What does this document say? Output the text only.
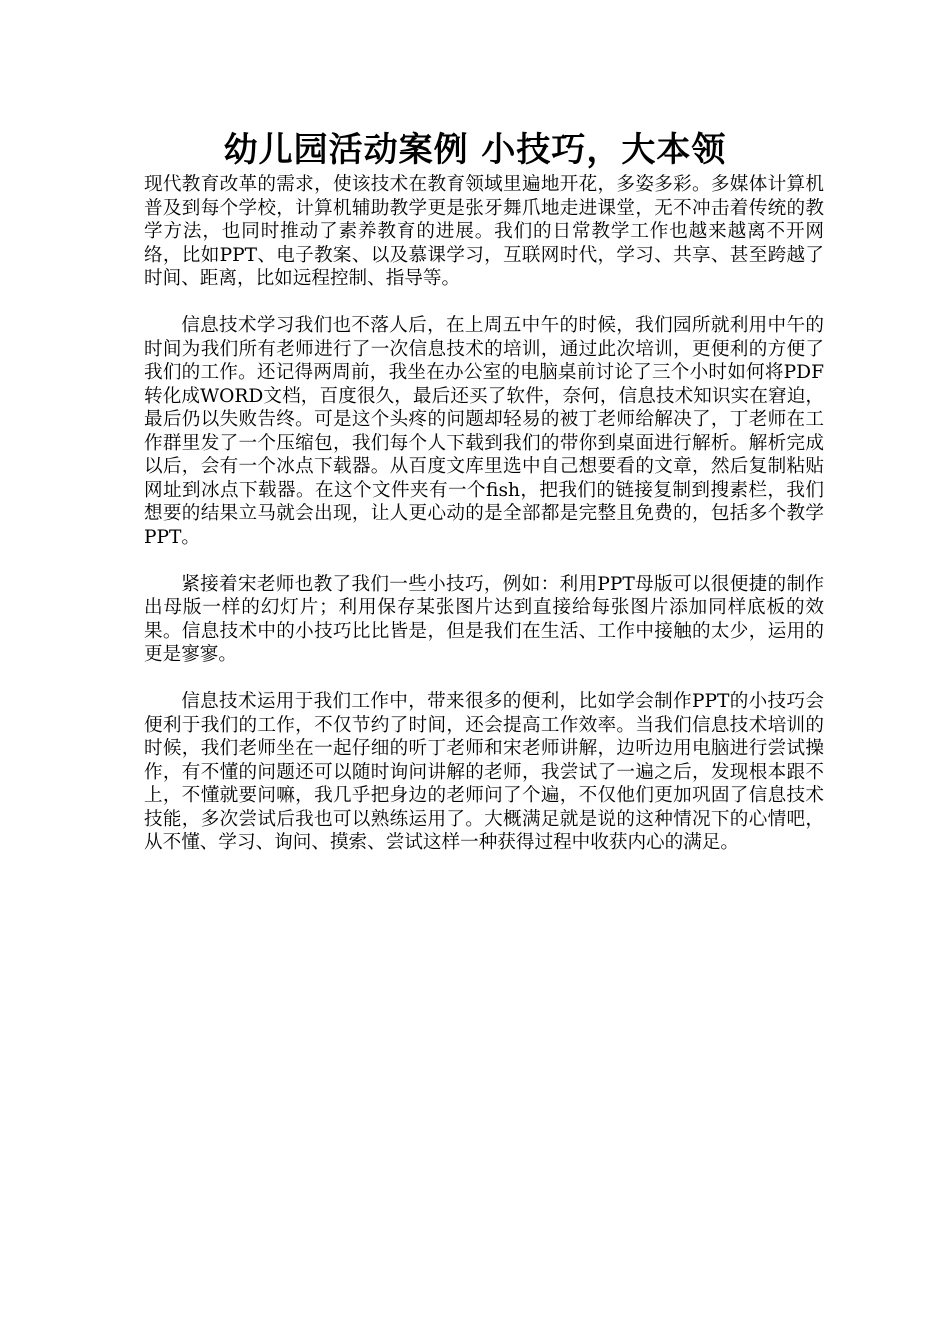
幼儿园活动案例 小技巧，大本领

现代教育改革的需求，使该技术在教育领域里遍地开花，多姿多彩。多媒体计算机普及到每个学校，计算机辅助教学更是张牙舞爪地走进课堂，无不冲击着传统的教学方法，也同时推动了素养教育的进展。我们的日常教学工作也越来越离不开网络，比如PPT、电子教案、以及慕课学习，互联网时代，学习、共享、甚至跨越了时间、距离，比如远程控制、指导等。

信息技术学习我们也不落人后，在上周五中午的时候，我们园所就利用中午的时间为我们所有老师进行了一次信息技术的培训，通过此次培训，更便利的方便了我们的工作。还记得两周前，我坐在办公室的电脑桌前讨论了三个小时如何将PDF转化成WORD文档，百度很久，最后还买了软件，奈何，信息技术知识实在窘迫，最后仍以失败告终。可是这个头疼的问题却轻易的被丁老师给解决了，丁老师在工作群里发了一个压缩包，我们每个人下载到我们的带你到桌面进行解析。解析完成以后，会有一个冰点下载器。从百度文库里选中自己想要看的文章，然后复制粘贴网址到冰点下载器。在这个文件夹有一个fish，把我们的链接复制到搜素栏，我们想要的结果立马就会出现，让人更心动的是全部都是完整且免费的，包括多个教学PPT。

紧接着宋老师也教了我们一些小技巧，例如：利用PPT母版可以很便捷的制作出母版一样的幻灯片；利用保存某张图片达到直接给每张图片添加同样底板的效果。信息技术中的小技巧比比皆是，但是我们在生活、工作中接触的太少，运用的更是寥寥。

信息技术运用于我们工作中，带来很多的便利，比如学会制作PPT的小技巧会便利于我们的工作，不仅节约了时间，还会提高工作效率。当我们信息技术培训的时候，我们老师坐在一起仔细的听丁老师和宋老师讲解，边听边用电脑进行尝试操作，有不懂的问题还可以随时询问讲解的老师，我尝试了一遍之后，发现根本跟不上，不懂就要问嘛，我几乎把身边的老师问了个遍，不仅他们更加巩固了信息技术技能，多次尝试后我也可以熟练运用了。大概满足就是说的这种情况下的心情吧，从不懂、学习、询问、摸索、尝试这样一种获得过程中收获内心的满足。
